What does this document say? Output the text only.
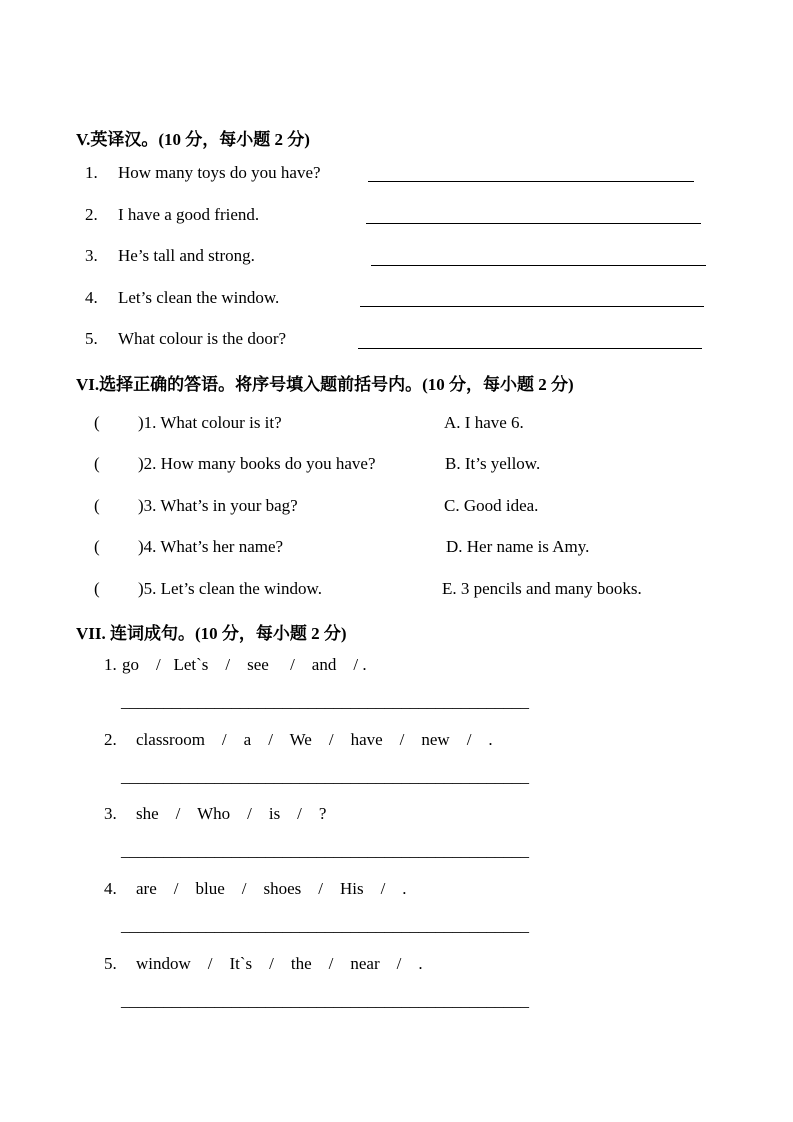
V.英译汉。(10 分，每小题 2 分)
1. How many toys do you have?
2. I have a good friend.
3. He’s tall and strong.
4. Let’s clean the window.
5. What colour is the door?
VI.选择正确的答语。将序号填入题前括号内。(10 分，每小题 2 分)
( )1. What colour is it?	A. I have 6.
( )2. How many books do you have?	B. It’s yellow.
( )3. What’s in your bag?	C. Good idea.
( )4. What’s her name?	D. Her name is Amy.
( )5. Let’s clean the window.	E. 3 pencils and many books.
VII. 连词成句。(10 分，每小题 2 分)
1. go    /   Let`s    /    see     /    and    / .
________________________________________________
2. classroom    /    a    /    We    /    have    /    new    /    .
________________________________________________
3. she    /    Who    /    is    /    ?
________________________________________________
4. are    /    blue    /    shoes    /    His    /    .
________________________________________________
5. window    /    It`s    /    the    /    near    /    .
________________________________________________
